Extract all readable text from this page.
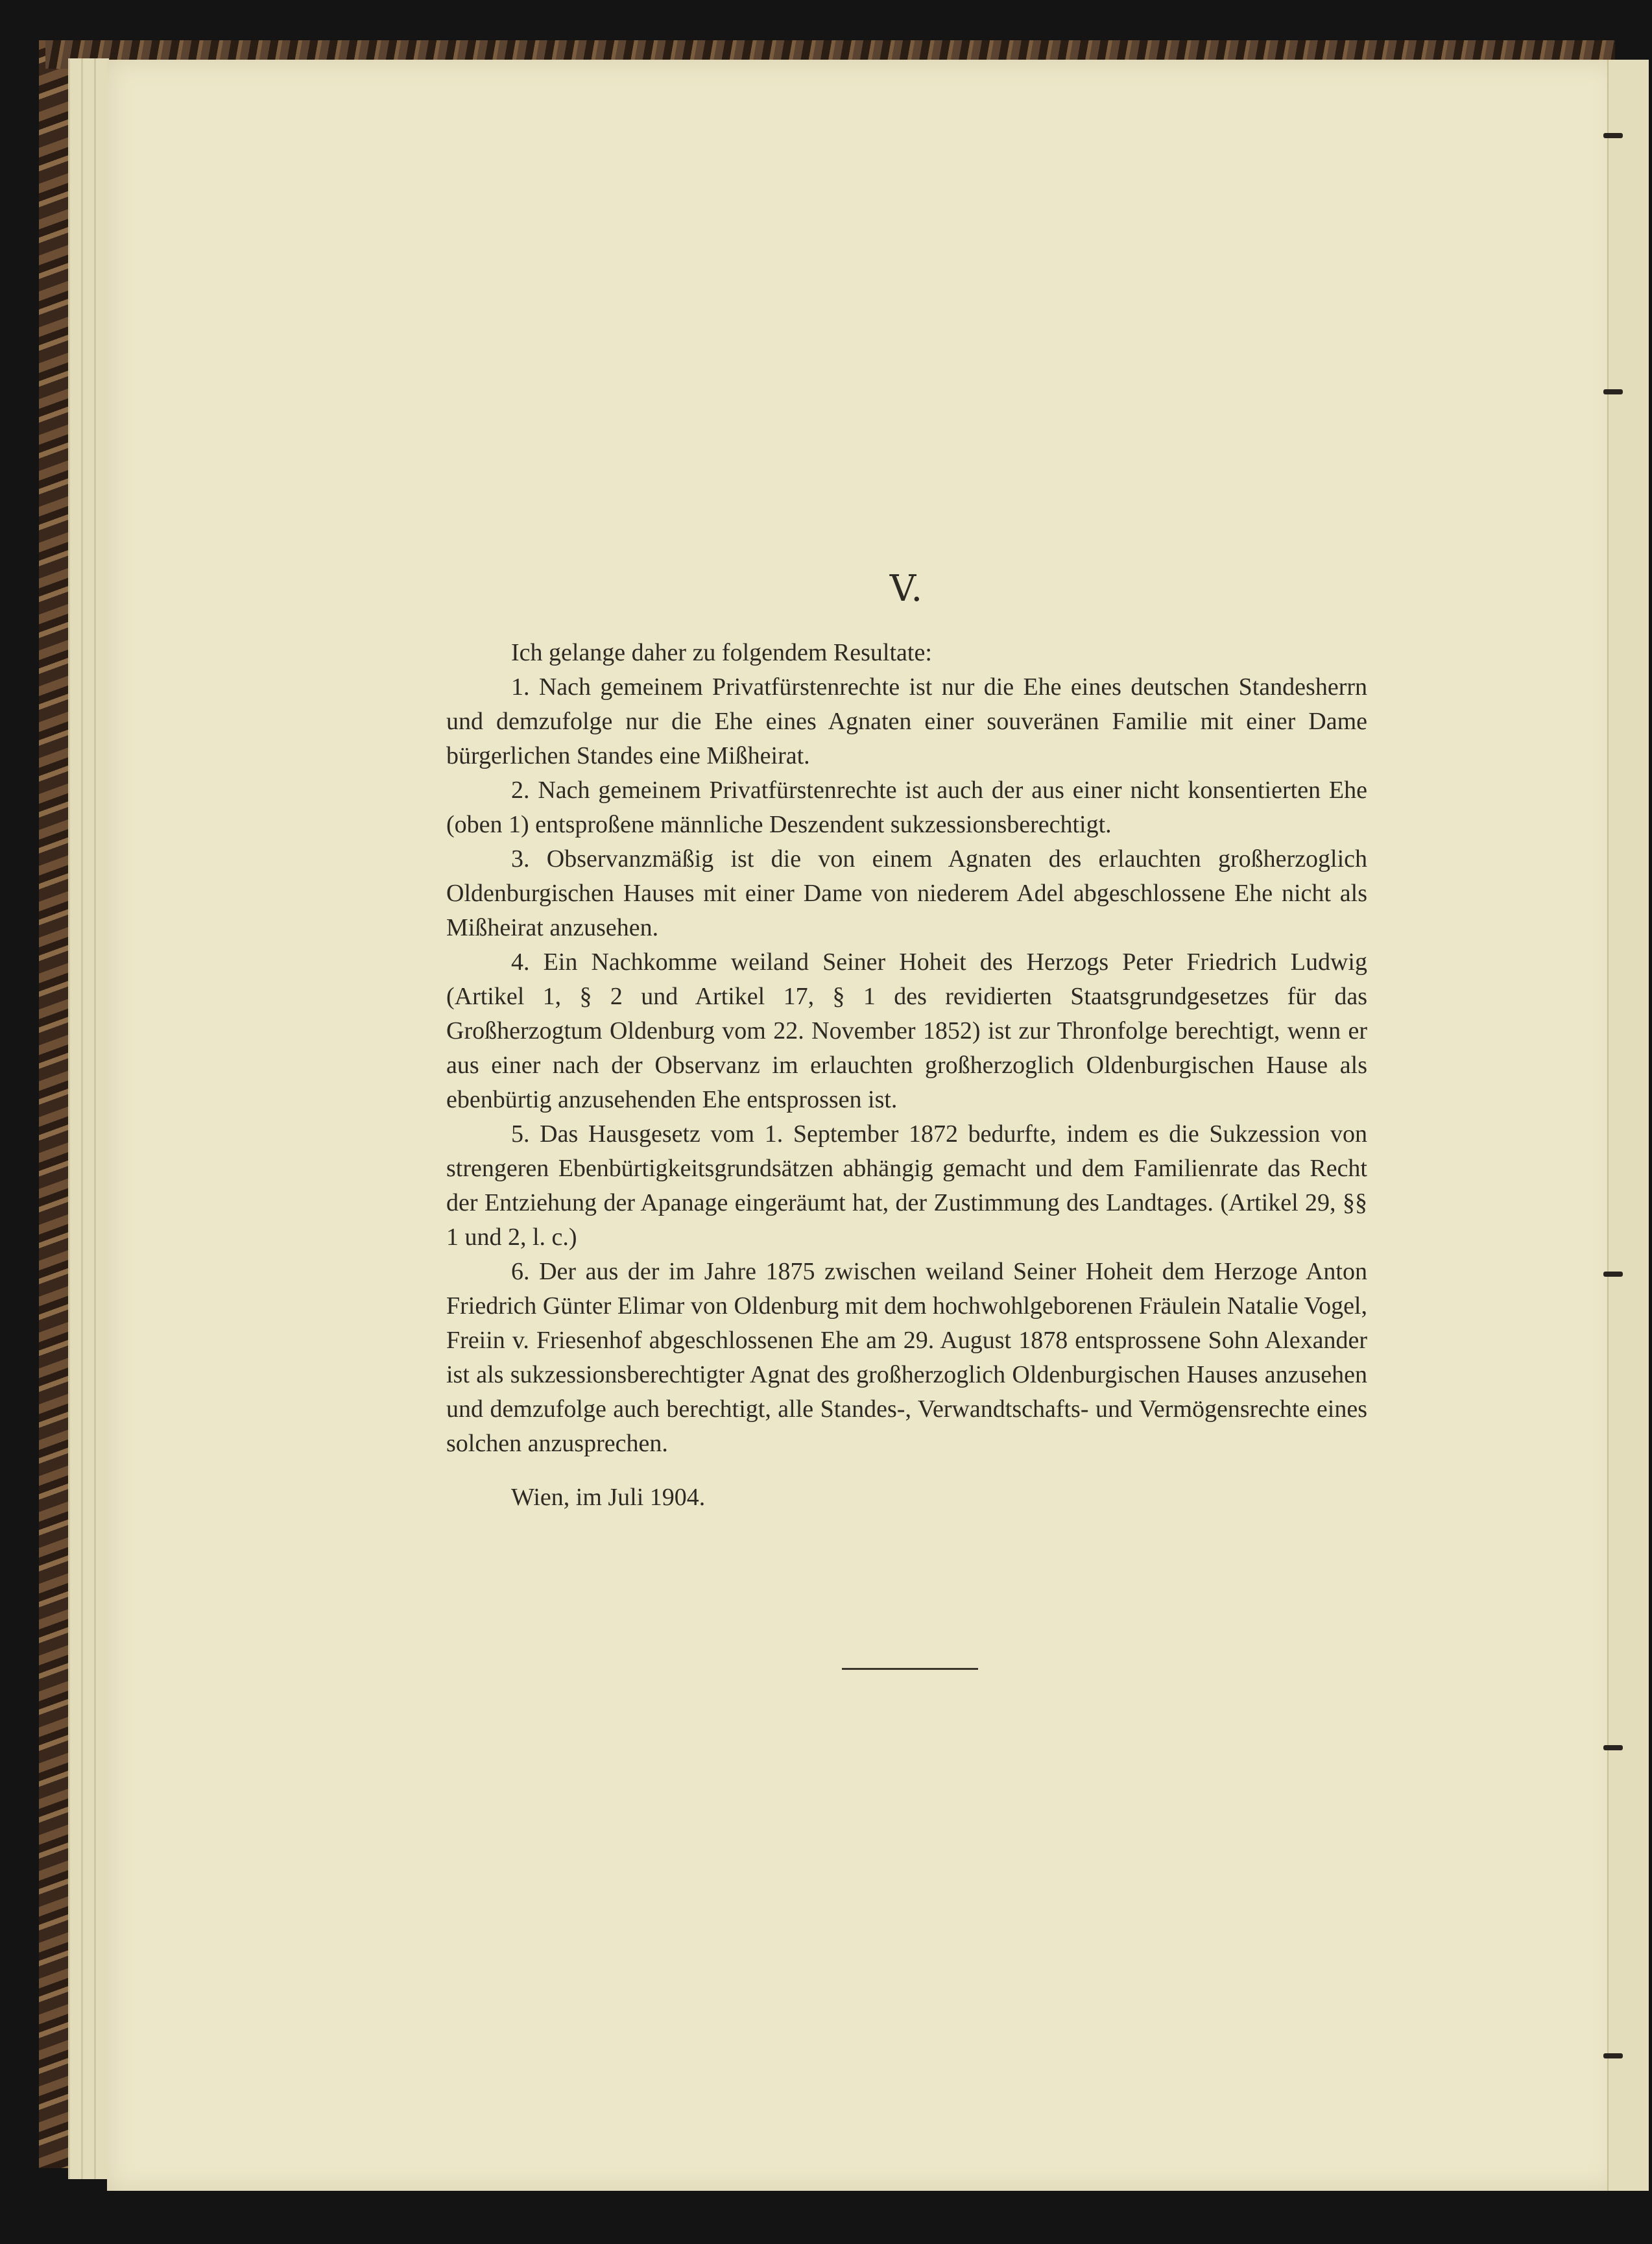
V.

Ich gelange daher zu folgendem Resultate:

1. Nach gemeinem Privatfürstenrechte ist nur die Ehe eines deutschen Standesherrn und demzufolge nur die Ehe eines Agnaten einer souveränen Familie mit einer Dame bürgerlichen Standes eine Mißheirat.

2. Nach gemeinem Privatfürstenrechte ist auch der aus einer nicht konsentierten Ehe (oben 1) entsproßene männliche Deszendent sukzessionsberechtigt.

3. Observanzmäßig ist die von einem Agnaten des erlauchten großherzoglich Oldenburgischen Hauses mit einer Dame von niederem Adel abgeschlossene Ehe nicht als Mißheirat anzusehen.

4. Ein Nachkomme weiland Seiner Hoheit des Herzogs Peter Friedrich Ludwig (Artikel 1, § 2 und Artikel 17, § 1 des revidierten Staatsgrundgesetzes für das Großherzogtum Oldenburg vom 22. November 1852) ist zur Thronfolge berechtigt, wenn er aus einer nach der Observanz im erlauchten großherzoglich Oldenburgischen Hause als ebenbürtig anzusehenden Ehe entsprossen ist.

5. Das Hausgesetz vom 1. September 1872 bedurfte, indem es die Sukzession von strengeren Ebenbürtigkeitsgrundsätzen abhängig gemacht und dem Familienrate das Recht der Entziehung der Apanage eingeräumt hat, der Zustimmung des Landtages. (Artikel 29, §§ 1 und 2, l. c.)

6. Der aus der im Jahre 1875 zwischen weiland Seiner Hoheit dem Herzoge Anton Friedrich Günter Elimar von Oldenburg mit dem hochwohlgeborenen Fräulein Natalie Vogel, Freiin v. Friesenhof abgeschlossenen Ehe am 29. August 1878 entsprossene Sohn Alexander ist als sukzessionsberechtigter Agnat des großherzoglich Oldenburgischen Hauses anzusehen und demzufolge auch berechtigt, alle Standes-, Verwandtschafts- und Vermögensrechte eines solchen anzusprechen.

Wien, im Juli 1904.
